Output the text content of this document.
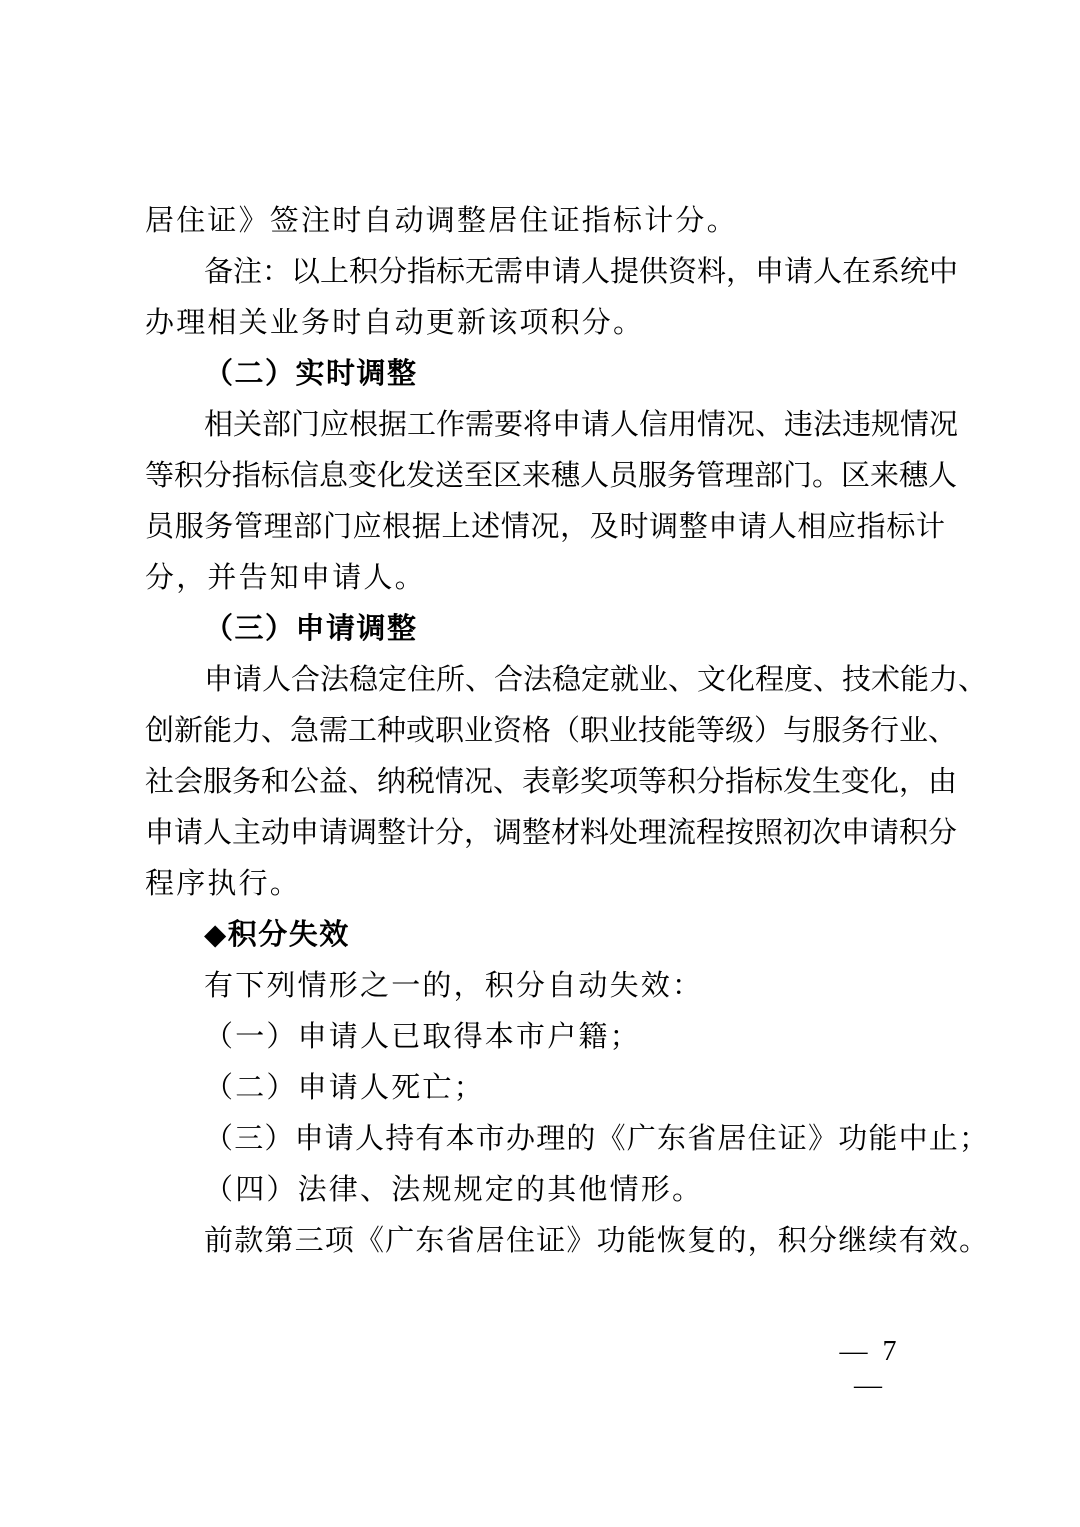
居住证》签注时自动调整居住证指标计分。
备注：以上积分指标无需申请人提供资料，申请人在系统中
办理相关业务时自动更新该项积分。
（二）实时调整
相关部门应根据工作需要将申请人信用情况、违法违规情况
等积分指标信息变化发送至区来穗人员服务管理部门。区来穗人
员服务管理部门应根据上述情况，及时调整申请人相应指标计
分，并告知申请人。
（三）申请调整
申请人合法稳定住所、合法稳定就业、文化程度、技术能力、
创新能力、急需工种或职业资格（职业技能等级）与服务行业、
社会服务和公益、纳税情况、表彰奖项等积分指标发生变化，由
申请人主动申请调整计分，调整材料处理流程按照初次申请积分
程序执行。
◆积分失效
有下列情形之一的，积分自动失效：
（一）申请人已取得本市户籍；
（二）申请人死亡；
（三）申请人持有本市办理的《广东省居住证》功能中止；
（四）法律、法规规定的其他情形。
前款第三项《广东省居住证》功能恢复的，积分继续有效。
— 7 —
